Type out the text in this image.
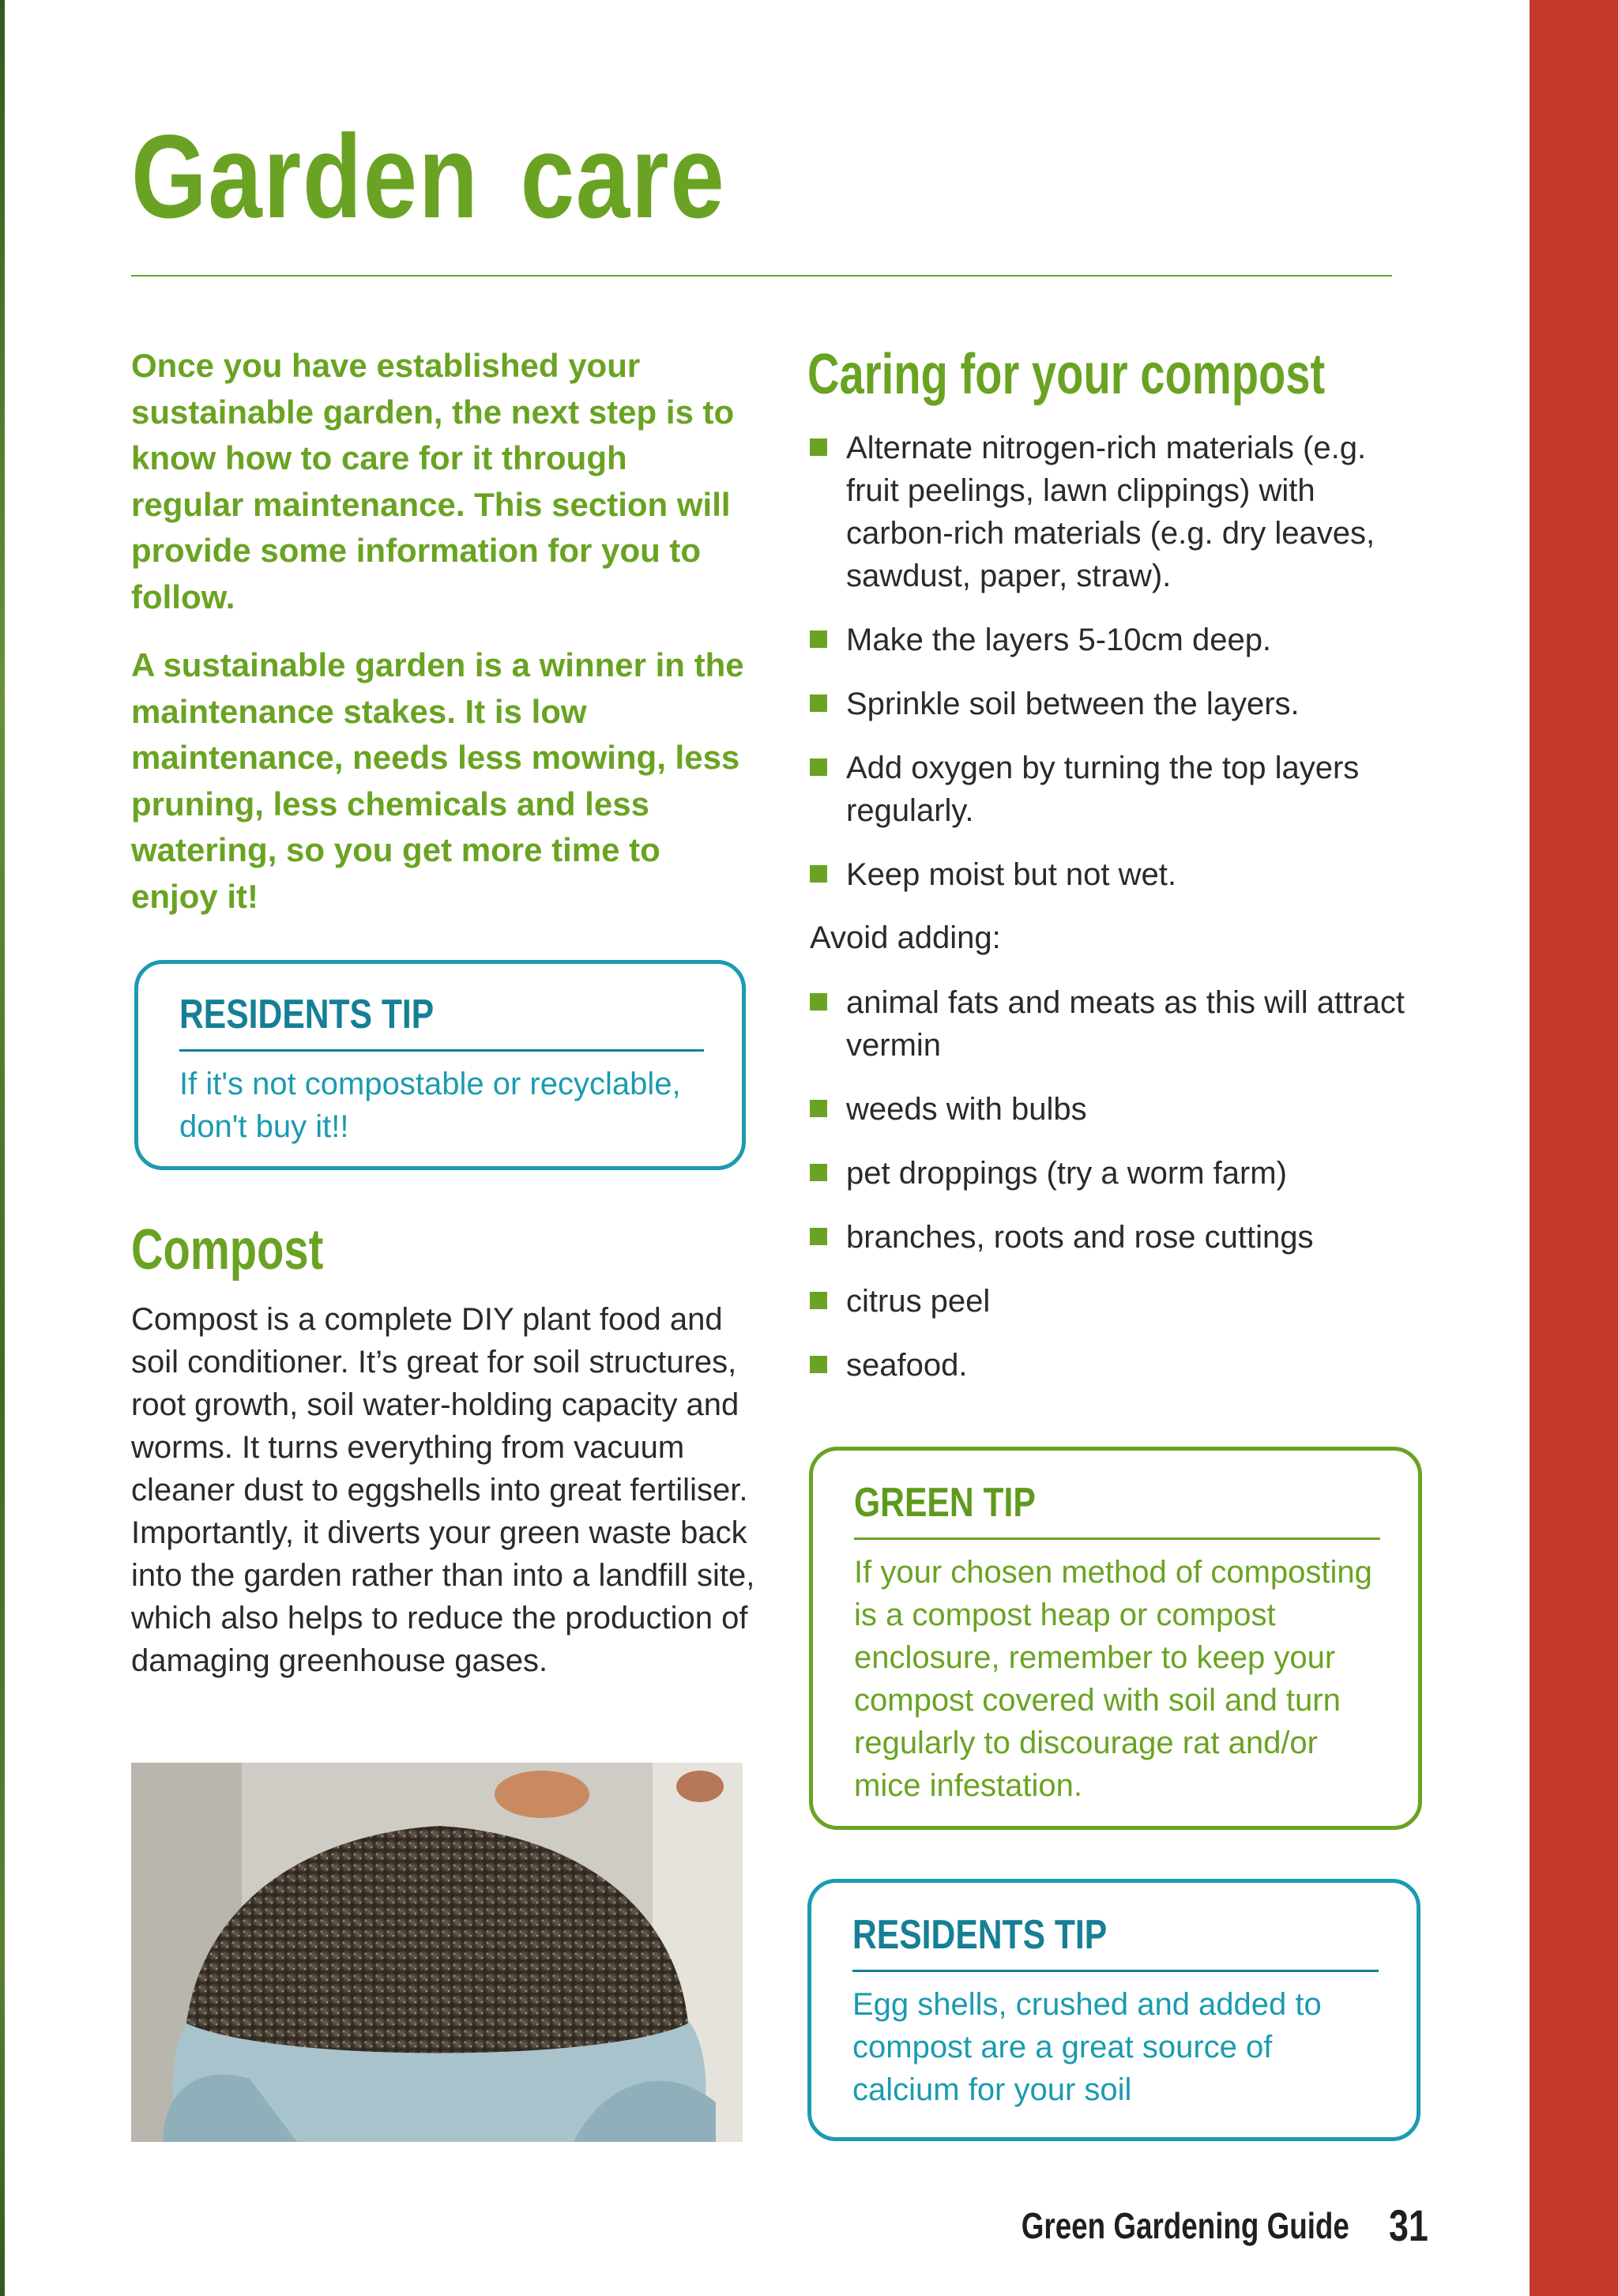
Garden care

Once you have established your sustainable garden, the next step is to know how to care for it through regular maintenance. This section will provide some information for you to follow.

A sustainable garden is a winner in the maintenance stakes. It is low maintenance, needs less mowing, less pruning, less chemicals and less watering, so you get more time to enjoy it!

RESIDENTS TIP

If it's not compostable or recyclable, don't buy it!!

Compost

Compost is a complete DIY plant food and soil conditioner. It’s great for soil structures, root growth, soil water-holding capacity and worms. It turns everything from vacuum cleaner dust to eggshells into great fertiliser. Importantly, it diverts your green waste back into the garden rather than into a landfill site, which also helps to reduce the production of damaging greenhouse gases.

Caring for your compost
Alternate nitrogen-rich materials (e.g. fruit peelings, lawn clippings) with carbon-rich materials (e.g. dry leaves, sawdust, paper, straw).
Make the layers 5-10cm deep.
Sprinkle soil between the layers.
Add oxygen by turning the top layers regularly.
Keep moist but not wet.

Avoid adding:

animal fats and meats as this will attract vermin
weeds with bulbs
pet droppings (try a worm farm)
branches, roots and rose cuttings
citrus peel
seafood.
GREEN TIP

If your chosen method of composting is a compost heap or compost enclosure, remember to keep your compost covered with soil and turn regularly to discourage rat and/or mice infestation.

RESIDENTS TIP

Egg shells, crushed and added to compost are a great source of calcium for your soil

Green Gardening Guide 31
